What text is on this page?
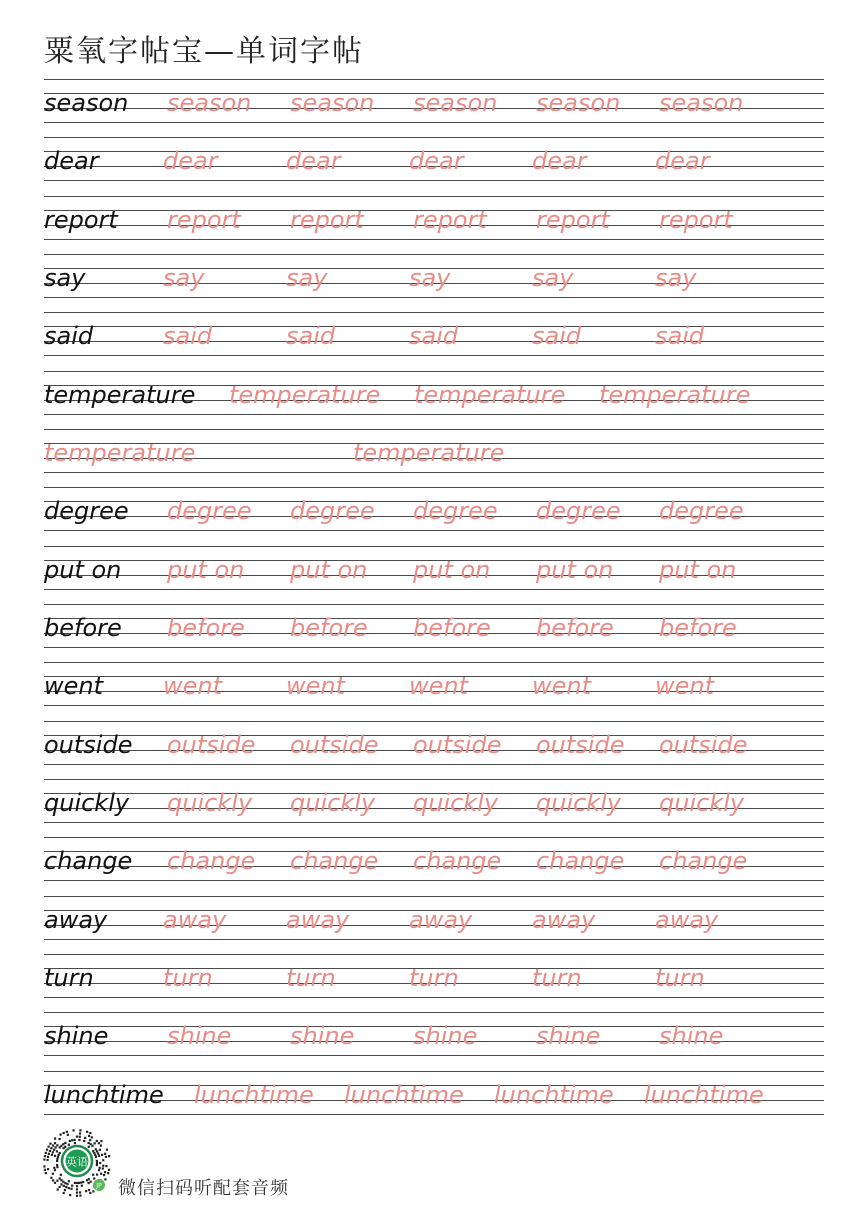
粟氧字帖宝—单词字帖
season season season season season season
dear	dear	dear	dear	dear	dear
report report report report report report
say	say	say	say	say	say
said	said	said	said	said	said
temperature temperature temperature temperature
temperature	temperature
degree degree degree degree degree degree
put on put on put on put on put on put on
before before before before before before
went went	went	went	went	went
outside outside outside outside outside outside
quickly quickly quickly quickly quickly quickly
change change change change change change
away away away away away away
turn	turn	turn	turn	turn	turn
shine shine shine shine shine shine
lunchtime lunchtime lunchtime lunchtime lunchtime
英语
JP 微信扫码听配套音频
